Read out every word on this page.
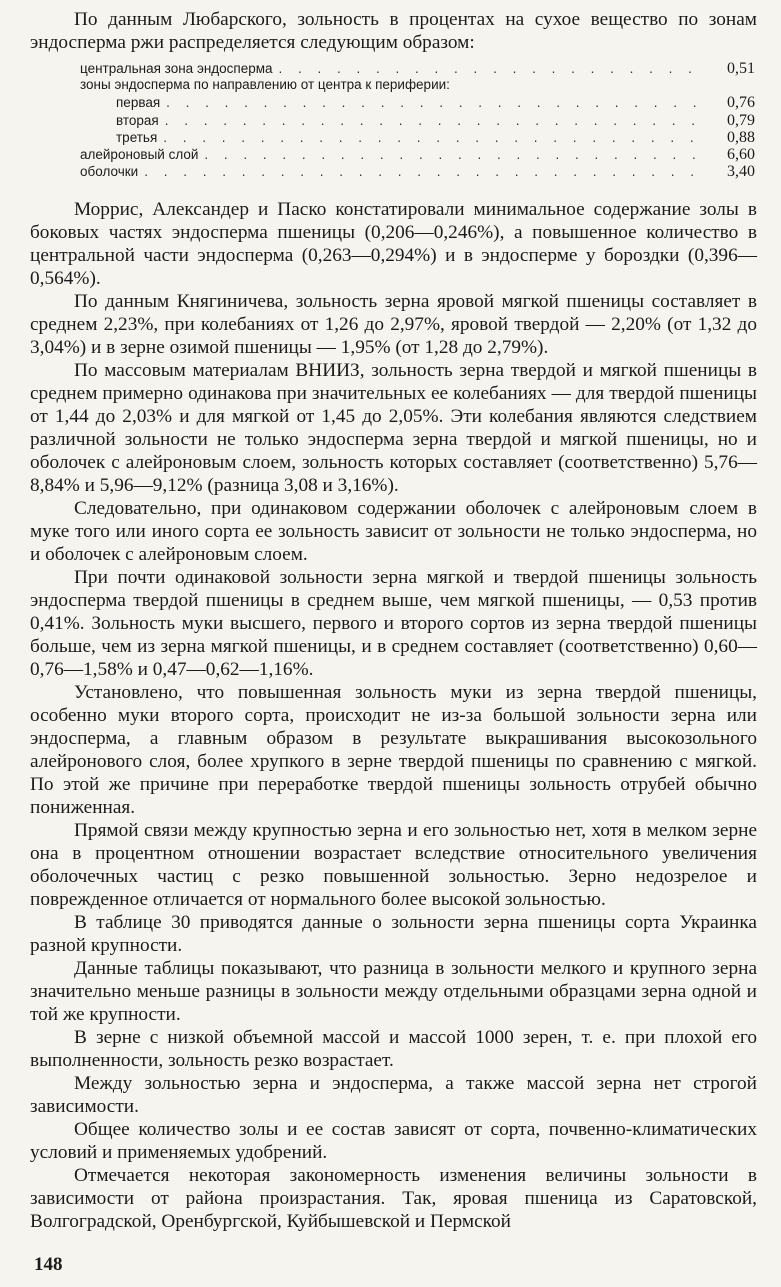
По данным Любарского, зольность в процентах на сухое вещество по зонам эндосперма ржи распределяется следующим образом:

центральная зона эндосперма . . .	0,51
зоны эндосперма по направлению от центра к периферии:
первая . . .	0,76
вторая . . .	0,79
третья . . .	0,88
алейроновый слой . . .	6,60
оболочки . . .	3,40

Моррис, Александер и Паско констатировали минимальное содержание золы в боковых частях эндосперма пшеницы (0,206—0,246%), а повышенное количество в центральной части эндосперма (0,263—0,294%) и в эндосперме у бороздки (0,396—0,564%).

По данным Княгиничева, зольность зерна яровой мягкой пшеницы составляет в среднем 2,23%, при колебаниях от 1,26 до 2,97%, яровой твердой — 2,20% (от 1,32 до 3,04%) и в зерне озимой пшеницы — 1,95% (от 1,28 до 2,79%).

По массовым материалам ВНИИЗ, зольность зерна твердой и мягкой пшеницы в среднем примерно одинакова при значительных ее колебаниях — для твердой пшеницы от 1,44 до 2,03% и для мягкой от 1,45 до 2,05%. Эти колебания являются следствием различной зольности не только эндосперма зерна твердой и мягкой пшеницы, но и оболочек с алейроновым слоем, зольность которых составляет (соответственно) 5,76—8,84% и 5,96—9,12% (разница 3,08 и 3,16%).

Следовательно, при одинаковом содержании оболочек с алейроновым слоем в муке того или иного сорта ее зольность зависит от зольности не только эндосперма, но и оболочек с алейроновым слоем.

При почти одинаковой зольности зерна мягкой и твердой пшеницы зольность эндосперма твердой пшеницы в среднем выше, чем мягкой пшеницы, — 0,53 против 0,41%. Зольность муки высшего, первого и второго сортов из зерна твердой пшеницы больше, чем из зерна мягкой пшеницы, и в среднем составляет (соответственно) 0,60—0,76—1,58% и 0,47—0,62—1,16%.

Установлено, что повышенная зольность муки из зерна твердой пшеницы, особенно муки второго сорта, происходит не из-за большой зольности зерна или эндосперма, а главным образом в результате выкрашивания высокозольного алейронового слоя, более хрупкого в зерне твердой пшеницы по сравнению с мягкой. По этой же причине при переработке твердой пшеницы зольность отрубей обычно пониженная.

Прямой связи между крупностью зерна и его зольностью нет, хотя в мелком зерне она в процентном отношении возрастает вследствие относительного увеличения оболочечных частиц с резко повышенной зольностью. Зерно недозрелое и поврежденное отличается от нормального более высокой зольностью.

В таблице 30 приводятся данные о зольности зерна пшеницы сорта Украинка разной крупности.

Данные таблицы показывают, что разница в зольности мелкого и крупного зерна значительно меньше разницы в зольности между отдельными образцами зерна одной и той же крупности.

В зерне с низкой объемной массой и массой 1000 зерен, т. е. при плохой его выполненности, зольность резко возрастает.

Между зольностью зерна и эндосперма, а также массой зерна нет строгой зависимости.

Общее количество золы и ее состав зависят от сорта, почвенно-климатических условий и применяемых удобрений.

Отмечается некоторая закономерность изменения величины зольности в зависимости от района произрастания. Так, яровая пшеница из Саратовской, Волгоградской, Оренбургской, Куйбышевской и Пермской

148
